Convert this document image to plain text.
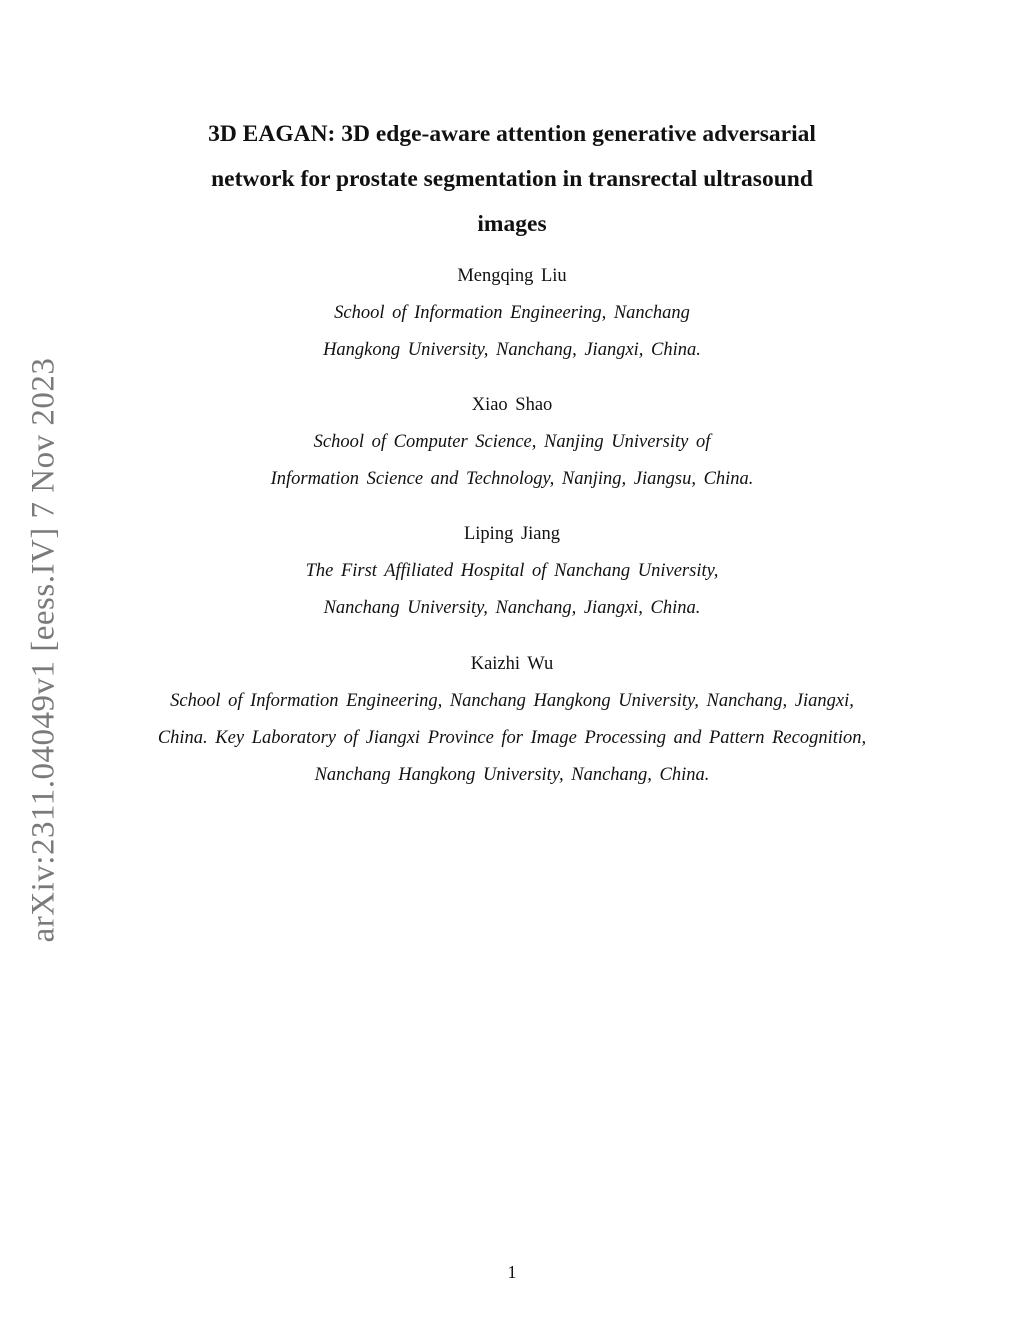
arXiv:2311.04049v1 [eess.IV] 7 Nov 2023
3D EAGAN: 3D edge-aware attention generative adversarial
network for prostate segmentation in transrectal ultrasound
images
Mengqing Liu
School of Information Engineering, Nanchang
Hangkong University, Nanchang, Jiangxi, China.
Xiao Shao
School of Computer Science, Nanjing University of
Information Science and Technology, Nanjing, Jiangsu, China.
Liping Jiang
The First Affiliated Hospital of Nanchang University,
Nanchang University, Nanchang, Jiangxi, China.
Kaizhi Wu
School of Information Engineering, Nanchang Hangkong University, Nanchang, Jiangxi,
China. Key Laboratory of Jiangxi Province for Image Processing and Pattern Recognition,
Nanchang Hangkong University, Nanchang, China.
1
